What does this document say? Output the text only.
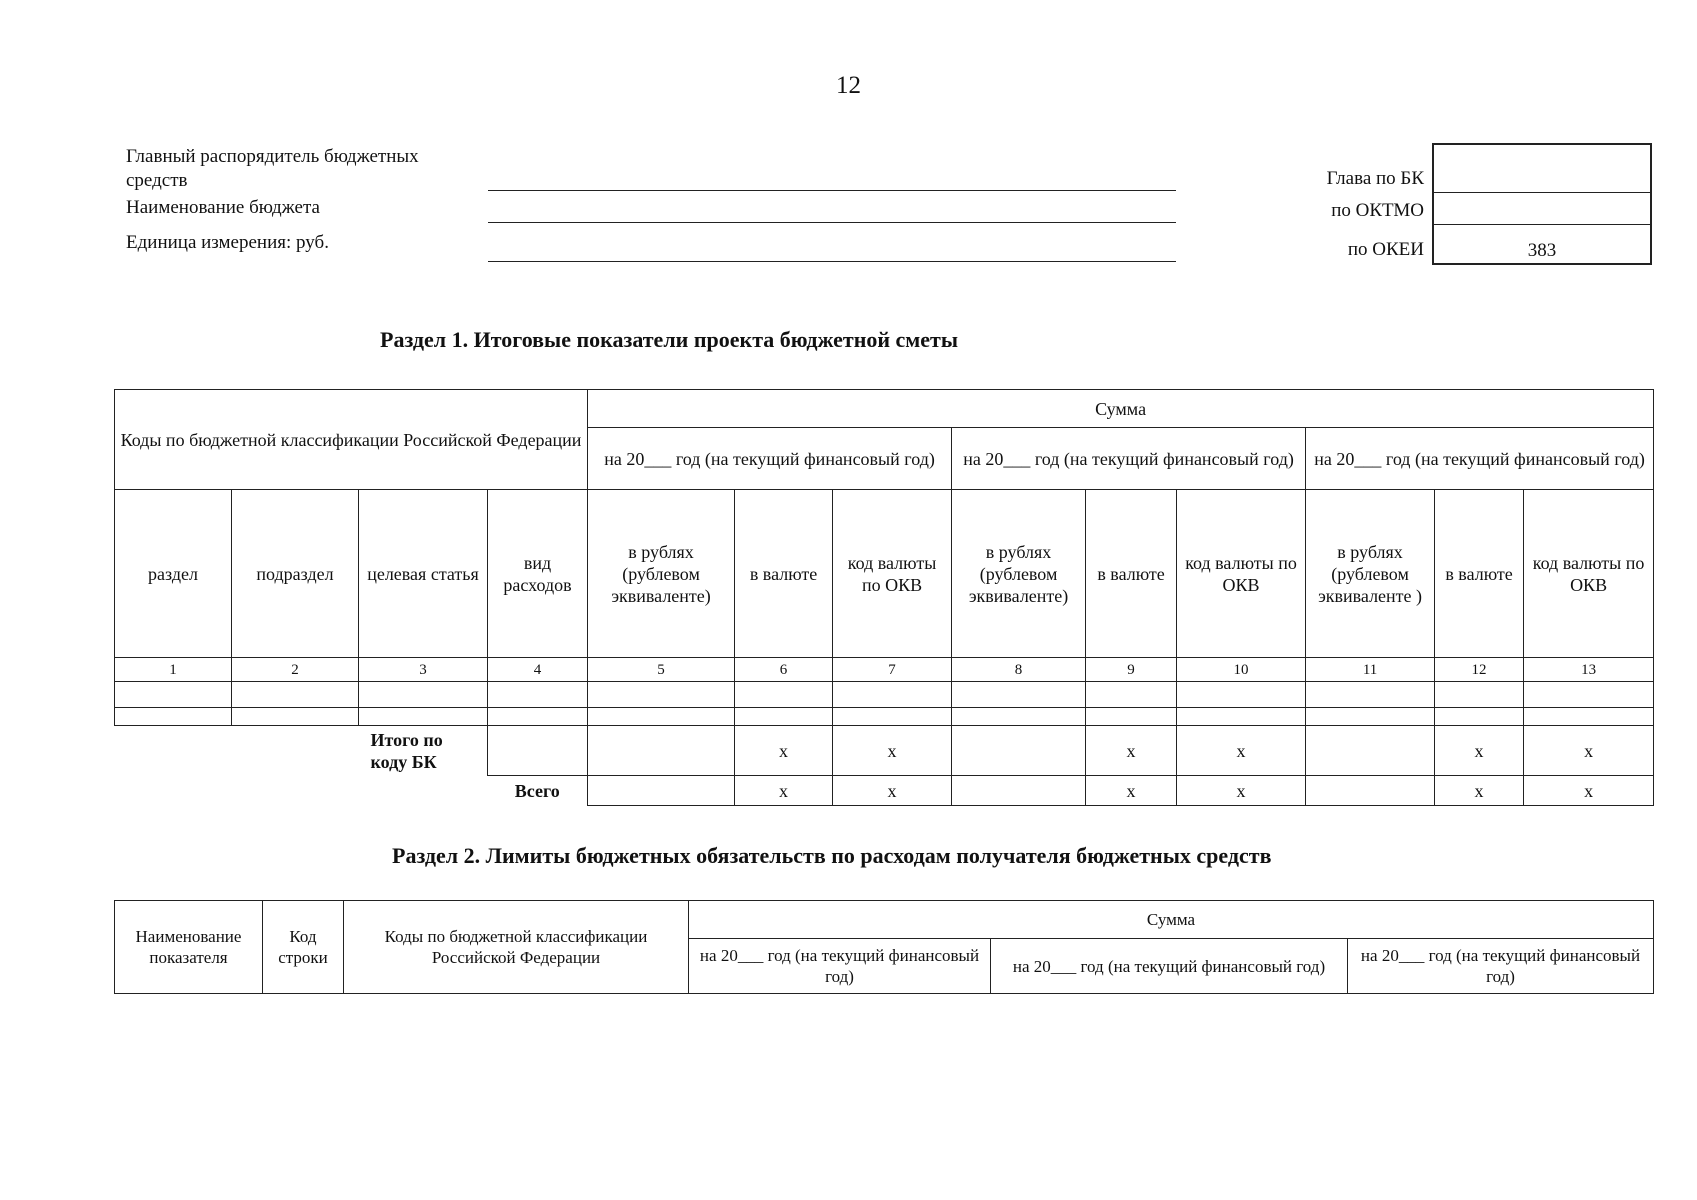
12
Главный распорядитель бюджетных средств
Наименование бюджета
Единица измерения: руб.
Глава по БК
по ОКТМО
по ОКЕИ	383
Раздел 1. Итоговые показатели проекта бюджетной сметы
Коды по бюджетной классификации Российской Федерации				Сумма								
				на 20___ год (на текущий финансовый год)			на 20___ год (на текущий финансовый год)			на 20___ год (на текущий финансовый год)		
раздел	подраздел	целевая статья	вид расходов	в рублях (рублевом эквиваленте)	в валюте	код валюты по ОКВ	в рублях (рублевом эквиваленте)	в валюте	код валюты по ОКВ	в рублях (рублевом эквиваленте )	в валюте	код валюты по ОКВ
1	2	3	4	5	6	7	8	9	10	11	12	13

		Итого по коду БК			х	х		х	х		х	х
			Всего		х	х		х	х		х	х
Раздел 2. Лимиты бюджетных обязательств по расходам получателя бюджетных средств
Наименование показателя	Код строки	Коды по бюджетной классификации Российской Федерации	Сумма		
			на 20___ год (на текущий финансовый год)	на 20___ год (на текущий финансовый год)	на 20___ год (на текущий финансовый год)
